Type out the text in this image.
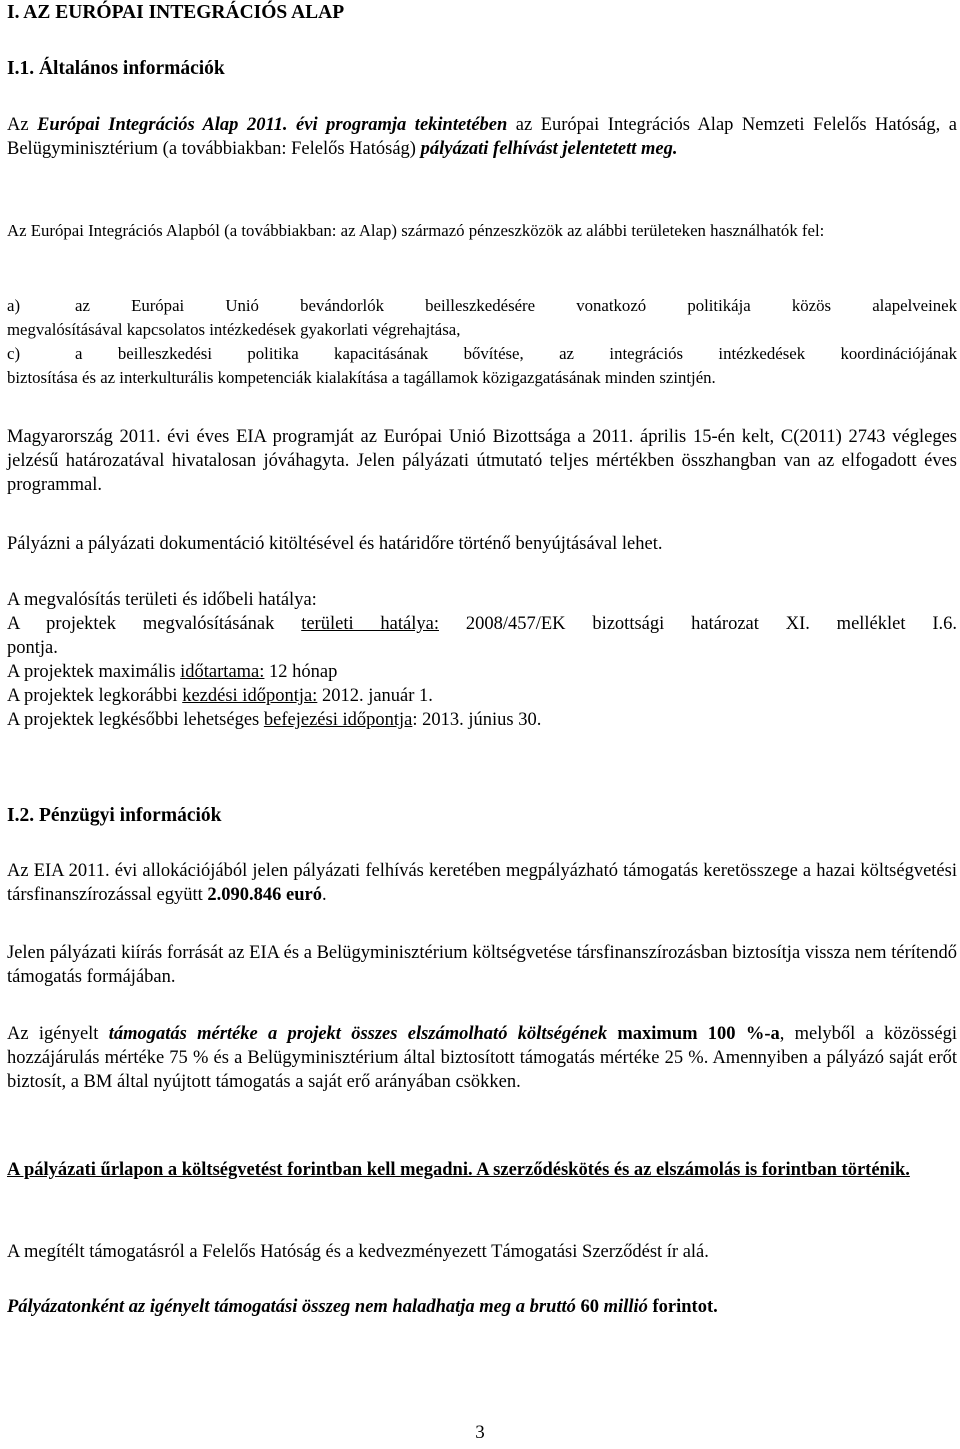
I. AZ EURÓPAI INTEGRÁCIÓS ALAP
I.1. Általános információk

Az Európai Integrációs Alap 2011. évi programja tekintetében az Európai Integrációs Alap Nemzeti Felelős Hatóság, a Belügyminisztérium (a továbbiakban: Felelős Hatóság) pályázati felhívást jelentetett meg.

Az Európai Integrációs Alapból (a továbbiakban: az Alap) származó pénzeszközök az alábbi területeken használhatók fel:

a)	az Európai Unió bevándorlók beilleszkedésére vonatkozó politikája közös alapelveinek
megvalósításával kapcsolatos intézkedések gyakorlati végrehajtása,
c)	a beilleszkedési politika kapacitásának bővítése, az integrációs intézkedések koordinációjának
biztosítása és az interkulturális kompetenciák kialakítása a tagállamok közigazgatásának minden szintjén.

Magyarország 2011. évi éves EIA programját az Európai Unió Bizottsága a 2011. április 15-én kelt, C(2011) 2743 végleges jelzésű határozatával hivatalosan jóváhagyta. Jelen pályázati útmutató teljes mértékben összhangban van az elfogadott éves programmal.

Pályázni a pályázati dokumentáció kitöltésével és határidőre történő benyújtásával lehet.

A megvalósítás területi és időbeli hatálya:
A projektek megvalósításának területi hatálya: 2008/457/EK bizottsági határozat XI. melléklet I.6.
pontja.
A projektek maximális időtartama: 12 hónap
A projektek legkorábbi kezdési időpontja: 2012. január 1.
A projektek legkésőbbi lehetséges befejezési időpontja: 2013. június 30.
I.2. Pénzügyi információk

Az EIA 2011. évi allokációjából jelen pályázati felhívás keretében megpályázható támogatás keretösszege a hazai költségvetési társfinanszírozással együtt 2.090.846 euró.

Jelen pályázati kiírás forrását az EIA és a Belügyminisztérium költségvetése társfinanszírozásban biztosítja vissza nem térítendő támogatás formájában.

Az igényelt támogatás mértéke a projekt összes elszámolható költségének maximum 100 %-a, melyből a közösségi hozzájárulás mértéke 75 % és a Belügyminisztérium által biztosított támogatás mértéke 25 %. Amennyiben a pályázó saját erőt biztosít, a BM által nyújtott támogatás a saját erő arányában csökken.

A pályázati űrlapon a költségvetést forintban kell megadni. A szerződéskötés és az elszámolás is forintban történik.

A megítélt támogatásról a Felelős Hatóság és a kedvezményezett Támogatási Szerződést ír alá.

Pályázatonként az igényelt támogatási összeg nem haladhatja meg a bruttó 60 millió forintot.

3
